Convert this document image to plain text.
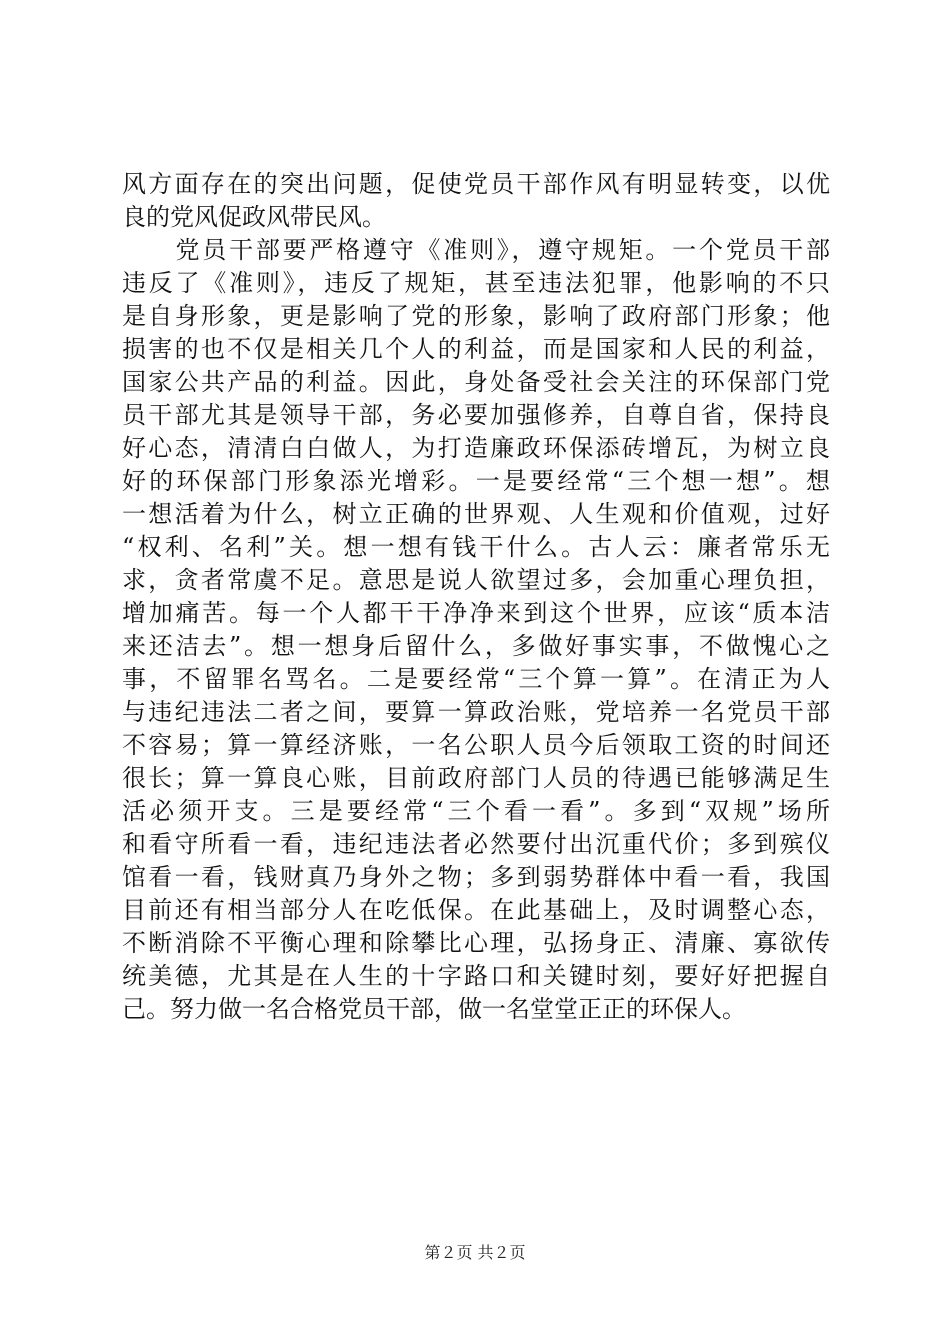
风方面存在的突出问题，促使党员干部作风有明显转变，以优
良的党风促政风带民风。
　　党员干部要严格遵守《准则》，遵守规矩。一个党员干部
违反了《准则》，违反了规矩，甚至违法犯罪，他影响的不只
是自身形象，更是影响了党的形象，影响了政府部门形象；他
损害的也不仅是相关几个人的利益，而是国家和人民的利益，
国家公共产品的利益。因此，身处备受社会关注的环保部门党
员干部尤其是领导干部，务必要加强修养，自尊自省，保持良
好心态，清清白白做人，为打造廉政环保添砖增瓦，为树立良
好的环保部门形象添光增彩。一是要经常“三个想一想”。想
一想活着为什么，树立正确的世界观、人生观和价值观，过好
“权利、名利”关。想一想有钱干什么。古人云：廉者常乐无
求，贪者常虞不足。意思是说人欲望过多，会加重心理负担，
增加痛苦。每一个人都干干净净来到这个世界，应该“质本洁
来还洁去”。想一想身后留什么，多做好事实事，不做愧心之
事，不留罪名骂名。二是要经常“三个算一算”。在清正为人
与违纪违法二者之间，要算一算政治账，党培养一名党员干部
不容易；算一算经济账，一名公职人员今后领取工资的时间还
很长；算一算良心账，目前政府部门人员的待遇已能够满足生
活必须开支。三是要经常“三个看一看”。多到“双规”场所
和看守所看一看，违纪违法者必然要付出沉重代价；多到殡仪
馆看一看，钱财真乃身外之物；多到弱势群体中看一看，我国
目前还有相当部分人在吃低保。在此基础上，及时调整心态，
不断消除不平衡心理和除攀比心理，弘扬身正、清廉、寡欲传
统美德，尤其是在人生的十字路口和关键时刻，要好好把握自
己。努力做一名合格党员干部，做一名堂堂正正的环保人。
第２页 共２页
